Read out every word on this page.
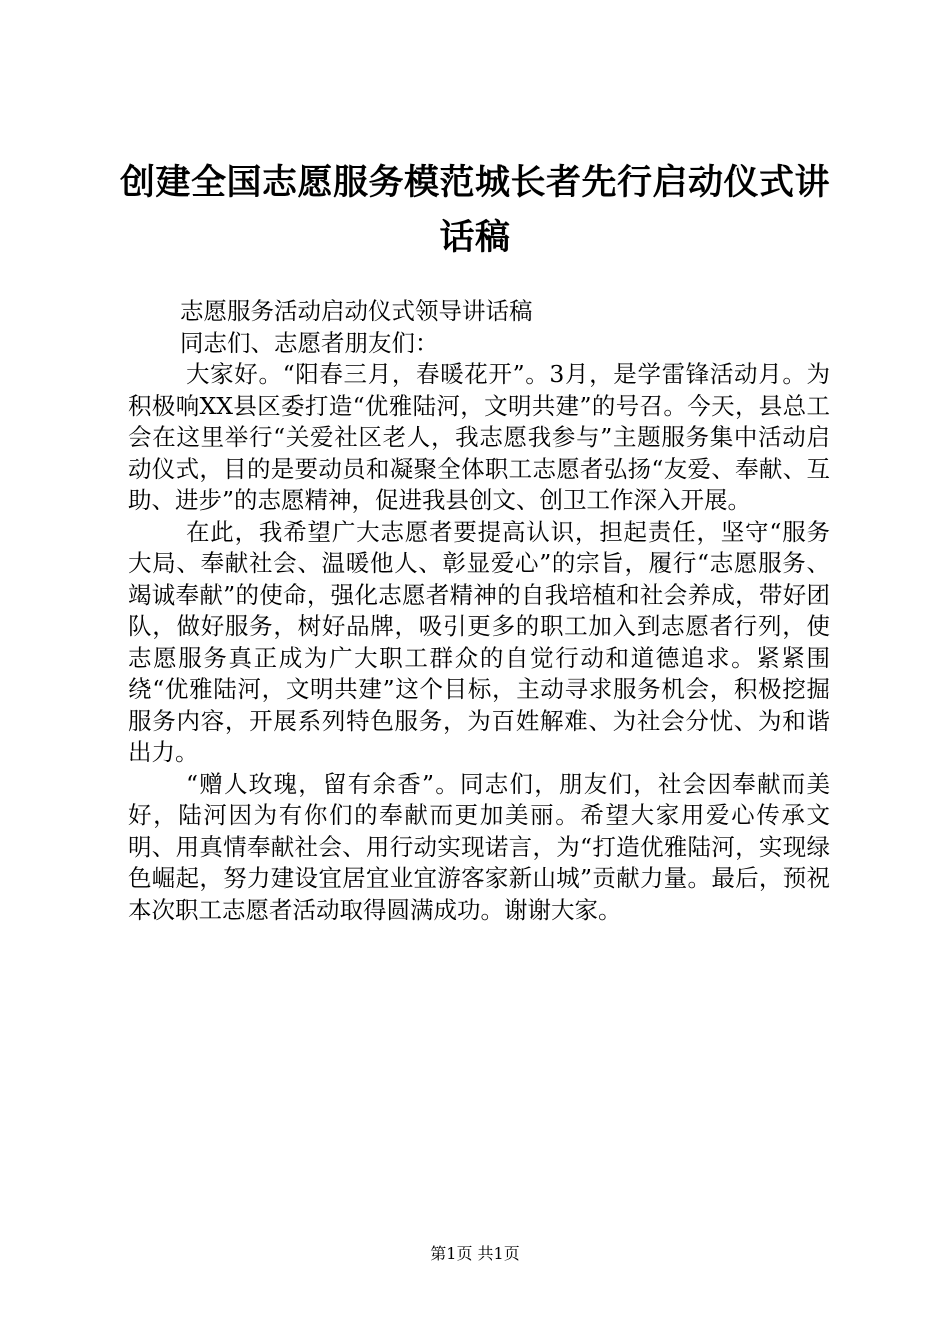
创建全国志愿服务模范城长者先行启动仪式讲话稿

志愿服务活动启动仪式领导讲话稿

同志们、志愿者朋友们：

大家好。“阳春三月，春暖花开”。3月，是学雷锋活动月。为积极响XX县区委打造“优雅陆河，文明共建”的号召。今天，县总工会在这里举行“关爱社区老人，我志愿我参与”主题服务集中活动启动仪式，目的是要动员和凝聚全体职工志愿者弘扬“友爱、奉献、互助、进步”的志愿精神，促进我县创文、创卫工作深入开展。

在此，我希望广大志愿者要提高认识，担起责任，坚守“服务大局、奉献社会、温暖他人、彰显爱心”的宗旨，履行“志愿服务、竭诚奉献”的使命，强化志愿者精神的自我培植和社会养成，带好团队，做好服务，树好品牌，吸引更多的职工加入到志愿者行列，使志愿服务真正成为广大职工群众的自觉行动和道德追求。紧紧围绕“优雅陆河，文明共建”这个目标，主动寻求服务机会，积极挖掘服务内容，开展系列特色服务，为百姓解难、为社会分忧、为和谐出力。

“赠人玫瑰，留有余香”。同志们，朋友们，社会因奉献而美好，陆河因为有你们的奉献而更加美丽。希望大家用爱心传承文明、用真情奉献社会、用行动实现诺言，为“打造优雅陆河，实现绿色崛起，努力建设宜居宜业宜游客家新山城”贡献力量。最后，预祝本次职工志愿者活动取得圆满成功。谢谢大家。

第1页 共1页
